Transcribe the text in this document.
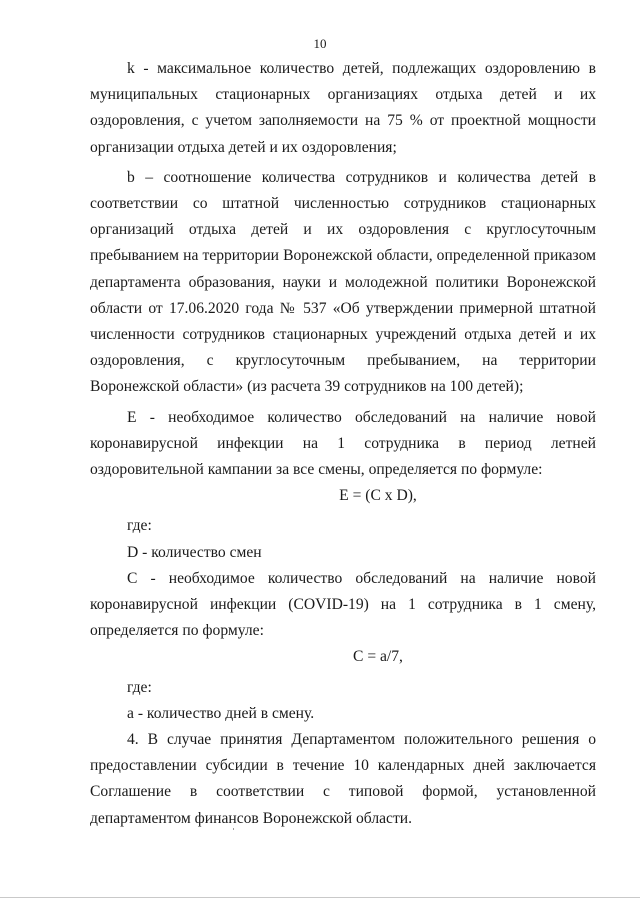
10

k - максимальное количество детей, подлежащих оздоровлению в муниципальных стационарных организациях отдыха детей и их оздоровления, с учетом заполняемости на 75 % от проектной мощности организации отдыха детей и их оздоровления;

b – соотношение количества сотрудников и количества детей в соответствии со штатной численностью сотрудников стационарных организаций отдыха детей и их оздоровления с круглосуточным пребыванием на территории Воронежской области, определенной приказом департамента образования, науки и молодежной политики Воронежской области от 17.06.2020 года № 537 «Об утверждении примерной штатной численности сотрудников стационарных учреждений отдыха детей и их оздоровления, с круглосуточным пребыванием, на территории Воронежской области» (из расчета 39 сотрудников на 100 детей);

Е - необходимое количество обследований на наличие новой коронавирусной инфекции на 1 сотрудника в период летней оздоровительной кампании за все смены, определяется по формуле:

E = (C x D),

где:

D - количество смен

С - необходимое количество обследований на наличие новой коронавирусной инфекции (COVID-19) на 1 сотрудника в 1 смену, определяется по формуле:

С = a/7,

где:

а - количество дней в смену.

4. В случае принятия Департаментом положительного решения о предоставлении субсидии в течение 10 календарных дней заключается Соглашение в соответствии с типовой формой, установленной департаментом финансов Воронежской области.
